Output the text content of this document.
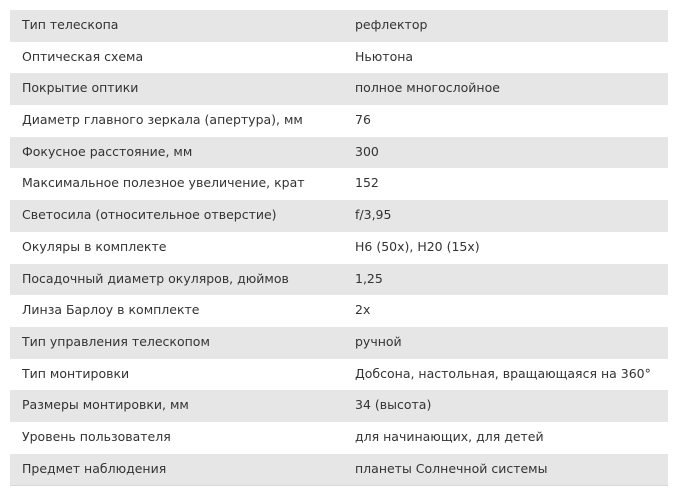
Тип телескопа	рефлектор
Оптическая схема	Ньютона
Покрытие оптики	полное многослойное
Диаметр главного зеркала (апертура), мм	76
Фокусное расстояние, мм	300
Максимальное полезное увеличение, крат	152
Светосила (относительное отверстие)	f/3,95
Окуляры в комплекте	H6 (50x), H20 (15x)
Посадочный диаметр окуляров, дюймов	1,25
Линза Барлоу в комплекте	2x
Тип управления телескопом	ручной
Тип монтировки	Добсона, настольная, вращающаяся на 360°
Размеры монтировки, мм	34 (высота)
Уровень пользователя	для начинающих, для детей
Предмет наблюдения	планеты Солнечной системы
